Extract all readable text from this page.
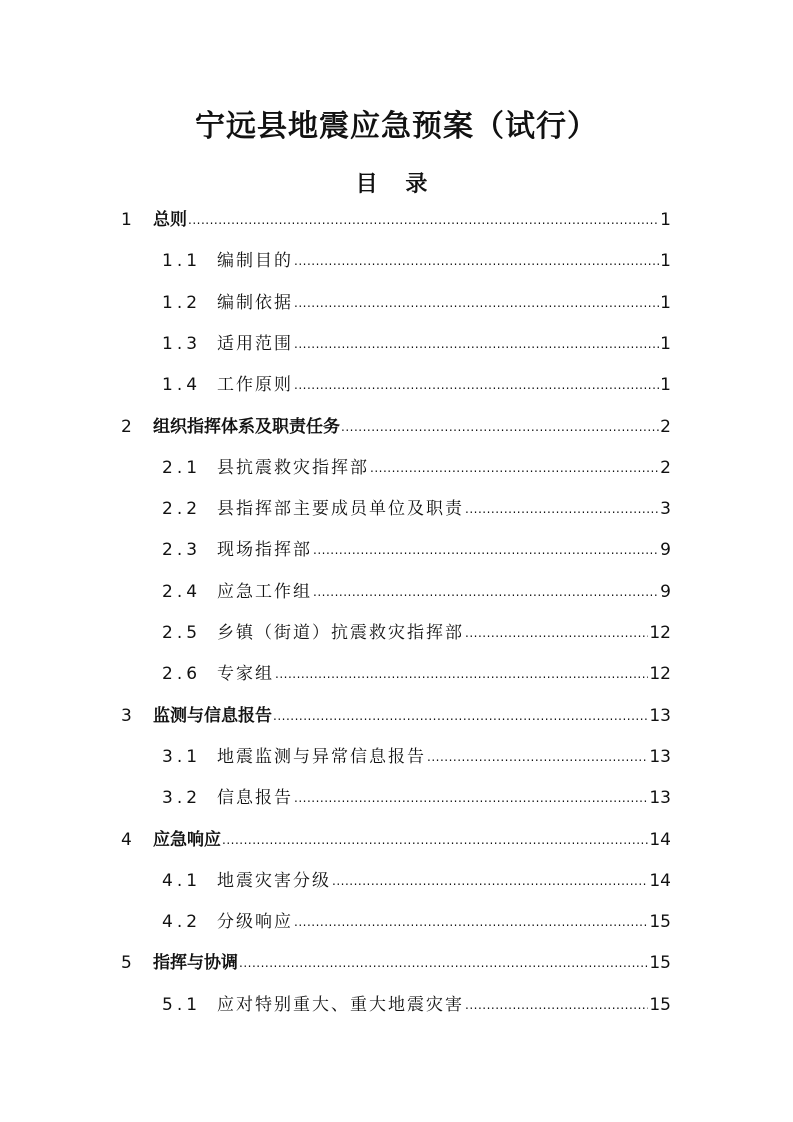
宁远县地震应急预案（试行）
目 录
1	总则 .....	1
1.1 编制目的 .....	1
1.2 编制依据 .....	1
1.3 适用范围 .....	1
1.4 工作原则 .....	1
2	组织指挥体系及职责任务 .....	2
2.1 县抗震救灾指挥部 .....	2
2.2 县指挥部主要成员单位及职责 .....	3
2.3 现场指挥部 .....	9
2.4 应急工作组 .....	9
2.5 乡镇（街道）抗震救灾指挥部 .....	12
2.6 专家组 .....	12
3	监测与信息报告 .....	13
3.1 地震监测与异常信息报告 .....	13
3.2 信息报告 .....	13
4	应急响应 .....	14
4.1 地震灾害分级 .....	14
4.2 分级响应 .....	15
5	指挥与协调 .....	15
5.1 应对特别重大、重大地震灾害 .....	15
